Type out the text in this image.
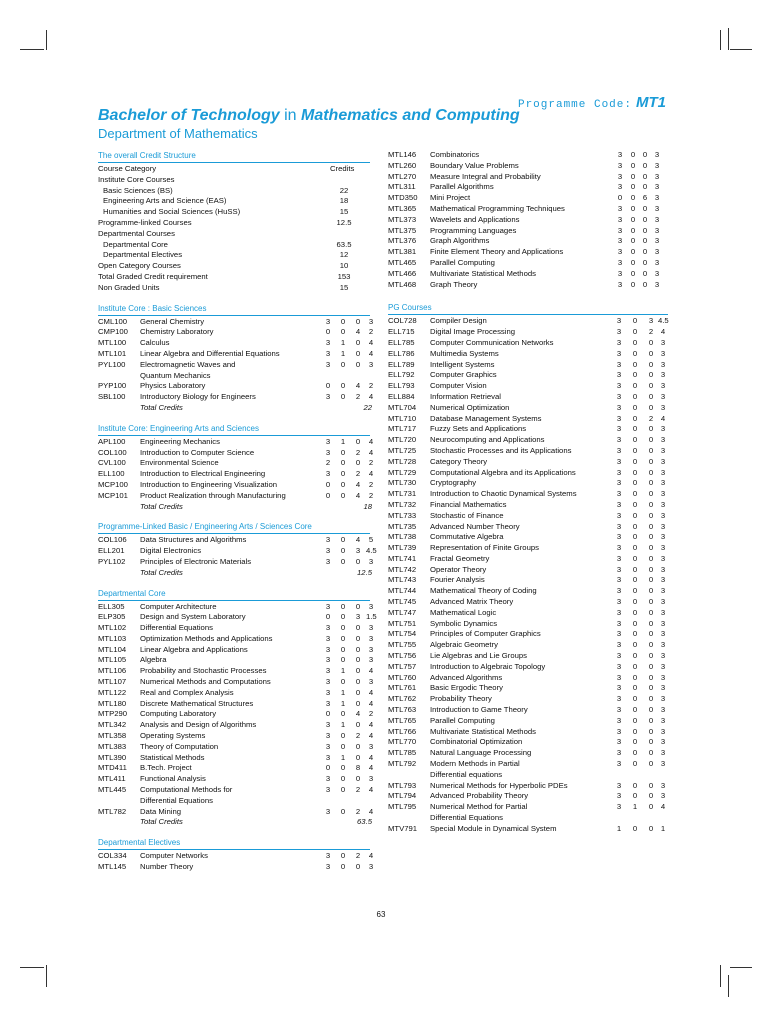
Programme Code: MT1
Bachelor of Technology in Mathematics and Computing
Department of Mathematics
The overall Credit Structure
Course Category	Credits
Institute Core Courses
Basic Sciences (BS)	22
Engineering Arts and Science (EAS)	18
Humanities and Social Sciences (HuSS)	15
Programme-linked Courses	12.5
Departmental Courses
Departmental Core	63.5
Departmental Electives	12
Open Category Courses	10
Total Graded Credit requirement	153
Non Graded Units	15
Institute Core : Basic Sciences
CML100 General Chemistry	3	0	0	3
CMP100 Chemistry Laboratory	0	0	4	2
MTL100 Calculus	3	1	0	4
MTL101 Linear Algebra and Differential Equations	3	1	0	4
PYL100 Electromagnetic Waves and	3	0	0	3
Quantum Mechanics
PYP100 Physics Laboratory	0	0	4	2
SBL100 Introductory Biology for Engineers	3	0	2	4
Total Credits	22
Institute Core: Engineering Arts and Sciences
APL100 Engineering Mechanics	3	1	0	4
COL100 Introduction to Computer Science	3	0	2	4
CVL100 Environmental Science	2	0	0	2
ELL100 Introduction to Electrical Engineering	3	0	2	4
MCP100 Introduction to Engineering Visualization	0	0	4	2
MCP101 Product Realization through Manufacturing	0	0	4	2
Total Credits	18
Programme-Linked Basic / Engineering Arts / Sciences Core
COL106 Data Structures and Algorithms	3	0	4	5
ELL201 Digital Electronics	3	0	3 4.5
PYL102 Principles of Electronic Materials	3	0	0	3
Total Credits	12.5
Departmental Core
ELL305 Computer Architecture	3	0	0	3
ELP305 Design and System Laboratory	0	0	3 1.5
MTL102 Differential Equations	3	0	0	3
MTL103 Optimization Methods and Applications	3	0	0	3
MTL104 Linear Algebra and Applications	3	0	0	3
MTL105 Algebra	3	0	0	3
MTL106 Probability and Stochastic Processes	3	1	0	4
MTL107 Numerical Methods and Computations	3	0	0	3
MTL122 Real and Complex Analysis	3	1	0	4
MTL180 Discrete Mathematical Structures	3	1	0	4
MTP290 Computing Laboratory	0	0	4	2
MTL342 Analysis and Design of Algorithms	3	1	0	4
MTL358 Operating Systems	3	0	2	4
MTL383 Theory of Computation	3	0	0	3
MTL390 Statistical Methods	3	1	0	4
MTD411 B.Tech. Project	0	0	8	4
MTL411 Functional Analysis	3	0	0	3
MTL445 Computational Methods for	3	0	2	4
Differential Equations
MTL782 Data Mining	3	0	2	4
Total Credits	63.5
Departmental Electives
COL334 Computer Networks	3	0	2	4
MTL145 Number Theory	3	0	0	3
MTL146 Combinatorics	3	0	0	3
MTL260 Boundary Value Problems	3	0	0	3
MTL270 Measure Integral and Probability	3	0	0	3
MTL311 Parallel Algorithms	3	0	0	3
MTD350 Mini Project	0	0	6	3
MTL365 Mathematical Programming Techniques	3	0	0	3
MTL373 Wavelets and Applications	3	0	0	3
MTL375 Programming Languages	3	0	0	3
MTL376 Graph Algorithms	3	0	0	3
MTL381 Finite Element Theory and Applications	3	0	0	3
MTL465 Parallel Computing	3	0	0	3
MTL466 Multivariate Statistical Methods	3	0	0	3
MTL468 Graph Theory	3	0	0	3
PG Courses
COL728 Compiler Design	3	0	3 4.5
ELL715 Digital Image Processing	3	0	2	4
ELL785 Computer Communication Networks	3	0	0	3
ELL786 Multimedia Systems	3	0	0	3
ELL789 Intelligent Systems	3	0	0	3
ELL792 Computer Graphics	3	0	0	3
ELL793 Computer Vision	3	0	0	3
ELL884 Information Retrieval	3	0	0	3
MTL704 Numerical Optimization	3	0	0	3
MTL710 Database Management Systems	3	0	2	4
MTL717 Fuzzy Sets and Applications	3	0	0	3
MTL720 Neurocomputing and Applications	3	0	0	3
MTL725 Stochastic Processes and its Applications	3	0	0	3
MTL728 Category Theory	3	0	0	3
MTL729 Computational Algebra and its Applications	3	0	0	3
MTL730 Cryptography	3	0	0	3
MTL731 Introduction to Chaotic Dynamical Systems	3	0	0	3
MTL732 Financial Mathematics	3	0	0	3
MTL733 Stochastic of Finance	3	0	0	3
MTL735 Advanced Number Theory	3	0	0	3
MTL738 Commutative Algebra	3	0	0	3
MTL739 Representation of Finite Groups	3	0	0	3
MTL741 Fractal Geometry	3	0	0	3
MTL742 Operator Theory	3	0	0	3
MTL743 Fourier Analysis	3	0	0	3
MTL744 Mathematical Theory of Coding	3	0	0	3
MTL745 Advanced Matrix Theory	3	0	0	3
MTL747 Mathematical Logic	3	0	0	3
MTL751 Symbolic Dynamics	3	0	0	3
MTL754 Principles of Computer Graphics	3	0	0	3
MTL755 Algebraic Geometry	3	0	0	3
MTL756 Lie Algebras and Lie Groups	3	0	0	3
MTL757 Introduction to Algebraic Topology	3	0	0	3
MTL760 Advanced Algorithms	3	0	0	3
MTL761 Basic Ergodic Theory	3	0	0	3
MTL762 Probability Theory	3	0	0	3
MTL763 Introduction to Game Theory	3	0	0	3
MTL765 Parallel Computing	3	0	0	3
MTL766 Multivariate Statistical Methods	3	0	0	3
MTL770 Combinatorial Optimization	3	0	0	3
MTL785 Natural Language Processing	3	0	0	3
MTL792 Modern Methods in Partial	3	0	0	3
Differential equations
MTL793 Numerical Methods for Hyperbolic PDEs	3	0	0	3
MTL794 Advanced Probability Theory	3	0	0	3
MTL795 Numerical Method for Partial	3	1	0	4
Differential Equations
MTV791 Special Module in Dynamical System	1	0	0	1
63
